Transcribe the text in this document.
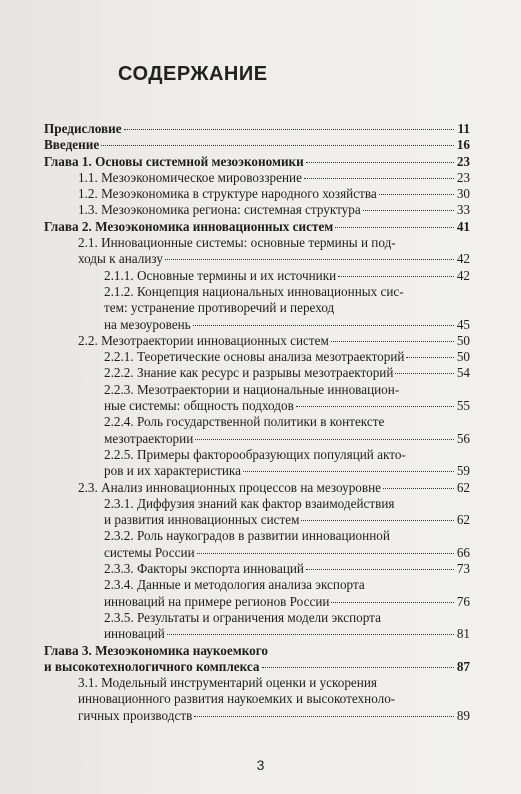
СОДЕРЖАНИЕ
Предисловие	11
Введение	16
Глава 1. Основы системной мезоэкономики	23
1.1. Мезоэкономическое мировоззрение	23
1.2. Мезоэкономика в структуре народного хозяйства	30
1.3. Мезоэкономика региона: системная структура	33
Глава 2. Мезоэкономика инновационных систем	41
2.1. Инновационные системы: основные термины и под-
ходы к анализу	42
2.1.1. Основные термины и их источники	42
2.1.2. Концепция национальных инновационных сис-
тем: устранение противоречий и переход
на мезоуровень	45
2.2. Мезотраектории инновационных систем	50
2.2.1. Теоретические основы анализа мезотраекторий	50
2.2.2. Знание как ресурс и разрывы мезотраекторий	54
2.2.3. Мезотраектории и национальные инновацион-
ные системы: общность подходов	55
2.2.4. Роль государственной политики в контексте
мезотраектории	56
2.2.5. Примеры факторообразующих популяций акто-
ров и их характеристика	59
2.3. Анализ инновационных процессов на мезоуровне	62
2.3.1. Диффузия знаний как фактор взаимодействия
и развития инновационных систем	62
2.3.2. Роль наукоградов в развитии инновационной
системы России	66
2.3.3. Факторы экспорта инноваций	73
2.3.4. Данные и методология анализа экспорта
инноваций на примере регионов России	76
2.3.5. Результаты и ограничения модели экспорта
инноваций	81
Глава 3. Мезоэкономика наукоемкого
и высокотехнологичного комплекса	87
3.1. Модельный инструментарий оценки и ускорения
инновационного развития наукоемких и высокотехноло-
гичных производств	89
3
